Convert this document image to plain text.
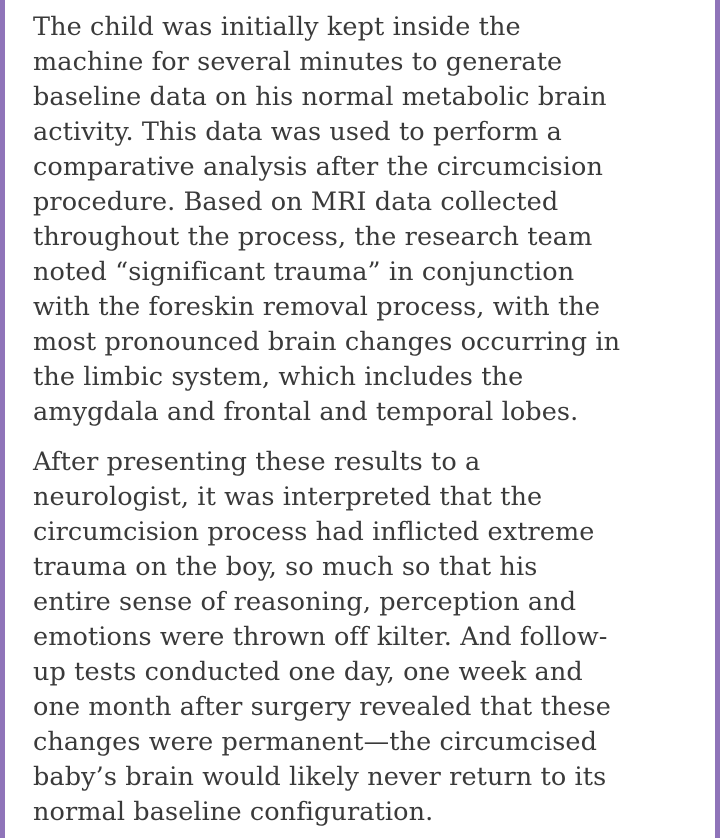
The child was initially kept inside the
machine for several minutes to generate
baseline data on his normal metabolic brain
activity. This data was used to perform a
comparative analysis after the circumcision
procedure. Based on MRI data collected
throughout the process, the research team
noted “significant trauma” in conjunction
with the foreskin removal process, with the
most pronounced brain changes occurring in
the limbic system, which includes the
amygdala and frontal and temporal lobes.

After presenting these results to a
neurologist, it was interpreted that the
circumcision process had inflicted extreme
trauma on the boy, so much so that his
entire sense of reasoning, perception and
emotions were thrown off kilter. And follow-
up tests conducted one day, one week and
one month after surgery revealed that these
changes were permanent—the circumcised
baby’s brain would likely never return to its
normal baseline configuration.
